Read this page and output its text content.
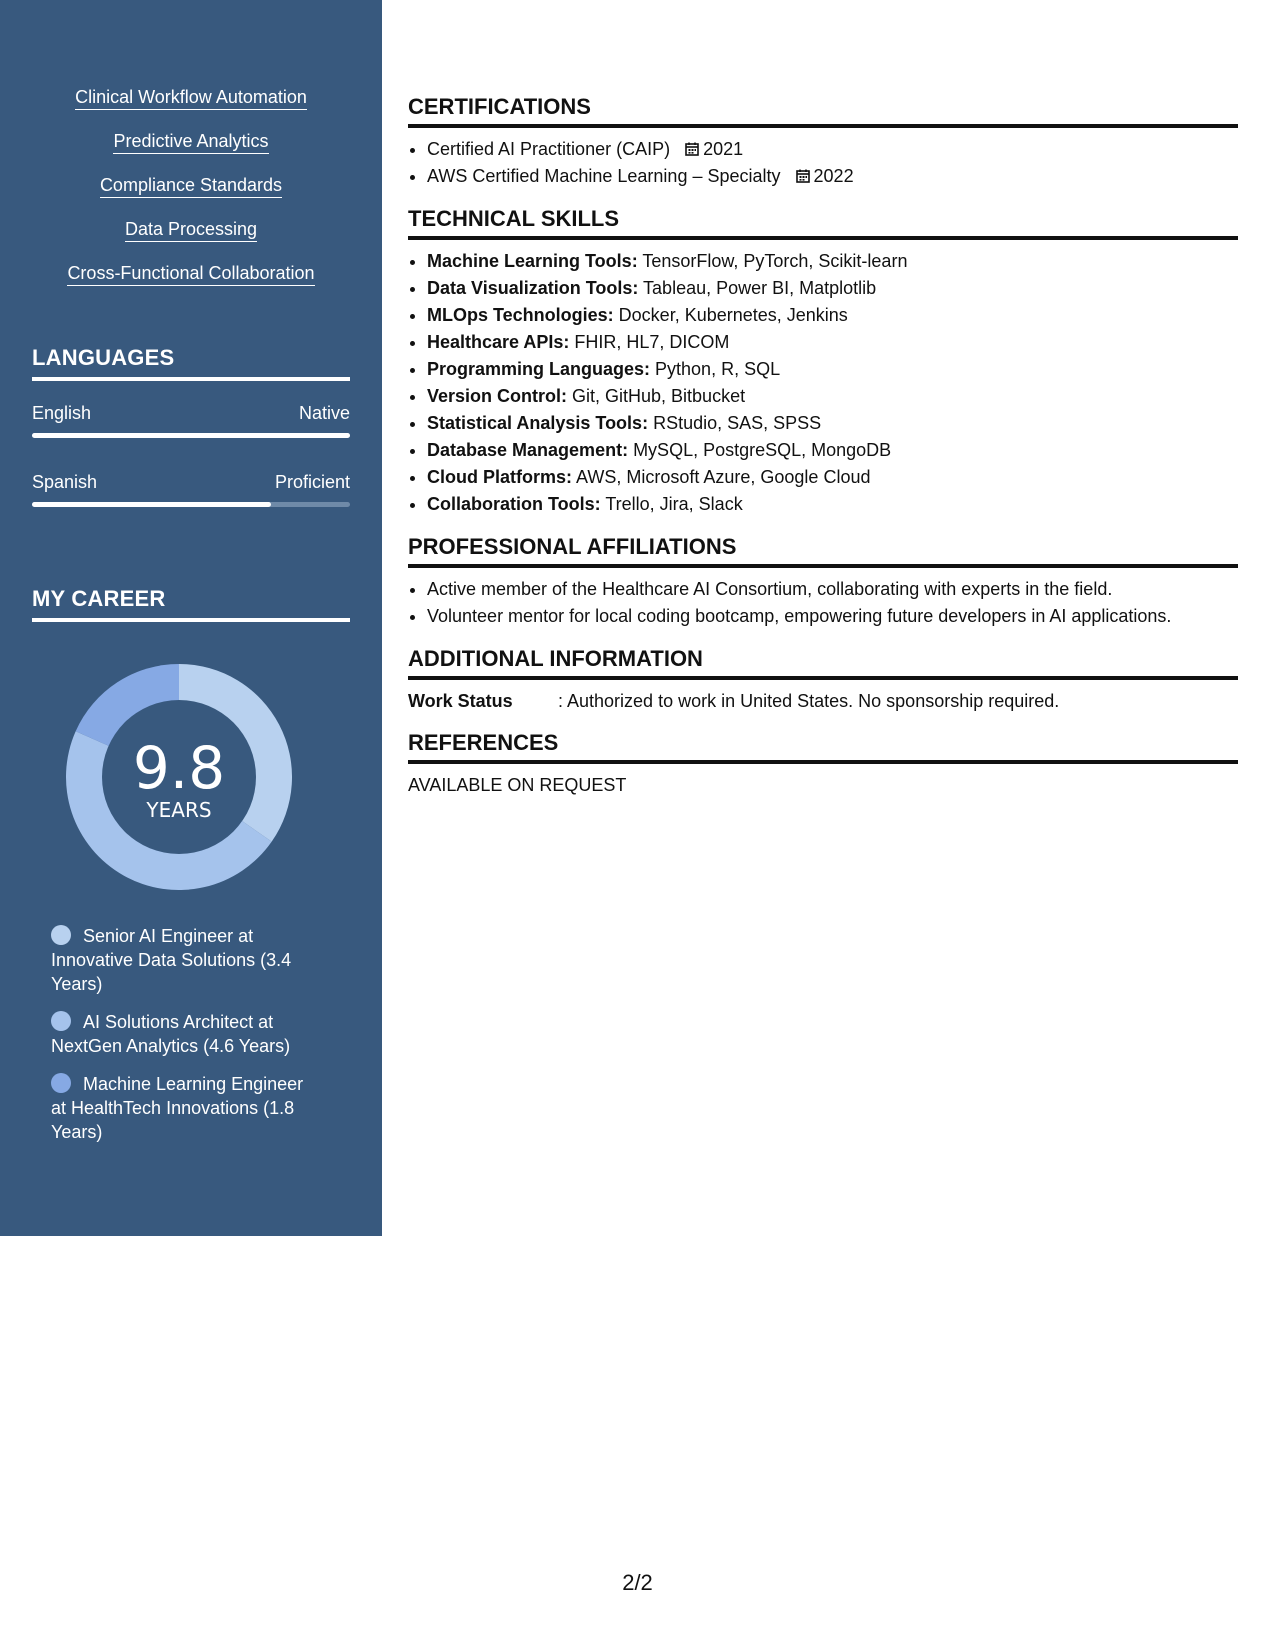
Clinical Workflow Automation
Predictive Analytics
Compliance Standards
Data Processing
Cross-Functional Collaboration
LANGUAGES
English	Native
Spanish	Proficient
MY CAREER
9.8
YEARS
Senior AI Engineer at Innovative Data Solutions (3.4 Years)
AI Solutions Architect at NextGen Analytics (4.6 Years)
Machine Learning Engineer at HealthTech Innovations (1.8 Years)
CERTIFICATIONS
• Certified AI Practitioner (CAIP) 2021
• AWS Certified Machine Learning – Specialty 2022
TECHNICAL SKILLS
• Machine Learning Tools: TensorFlow, PyTorch, Scikit-learn
• Data Visualization Tools: Tableau, Power BI, Matplotlib
• MLOps Technologies: Docker, Kubernetes, Jenkins
• Healthcare APIs: FHIR, HL7, DICOM
• Programming Languages: Python, R, SQL
• Version Control: Git, GitHub, Bitbucket
• Statistical Analysis Tools: RStudio, SAS, SPSS
• Database Management: MySQL, PostgreSQL, MongoDB
• Cloud Platforms: AWS, Microsoft Azure, Google Cloud
• Collaboration Tools: Trello, Jira, Slack
PROFESSIONAL AFFILIATIONS
• Active member of the Healthcare AI Consortium, collaborating with experts in the field.
• Volunteer mentor for local coding bootcamp, empowering future developers in AI applications.
ADDITIONAL INFORMATION
Work Status	: Authorized to work in United States. No sponsorship required.
REFERENCES
AVAILABLE ON REQUEST
2/2
